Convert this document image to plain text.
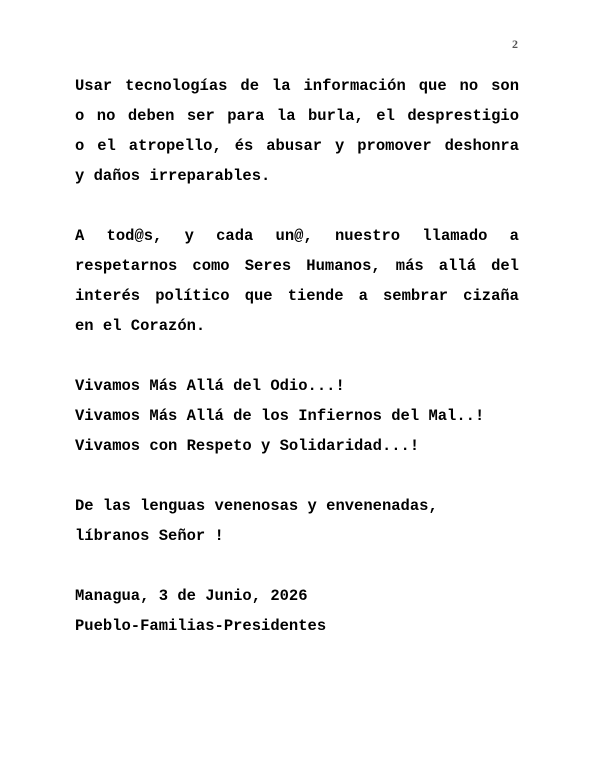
2
Usar tecnologías de la información que no son
o no deben ser para la burla, el desprestigio
o el atropello, és abusar y promover deshonra
y daños irreparables.
A tod@s, y cada un@, nuestro llamado a
respetarnos como Seres Humanos, más allá del
interés político que tiende a sembrar cizaña
en el Corazón.
Vivamos Más Allá del Odio...!
Vivamos Más Allá de los Infiernos del Mal..!
Vivamos con Respeto y Solidaridad...!
De las lenguas venenosas y envenenadas,
líbranos Señor !
Managua, 3 de Junio, 2026
Pueblo-Familias-Presidentes
